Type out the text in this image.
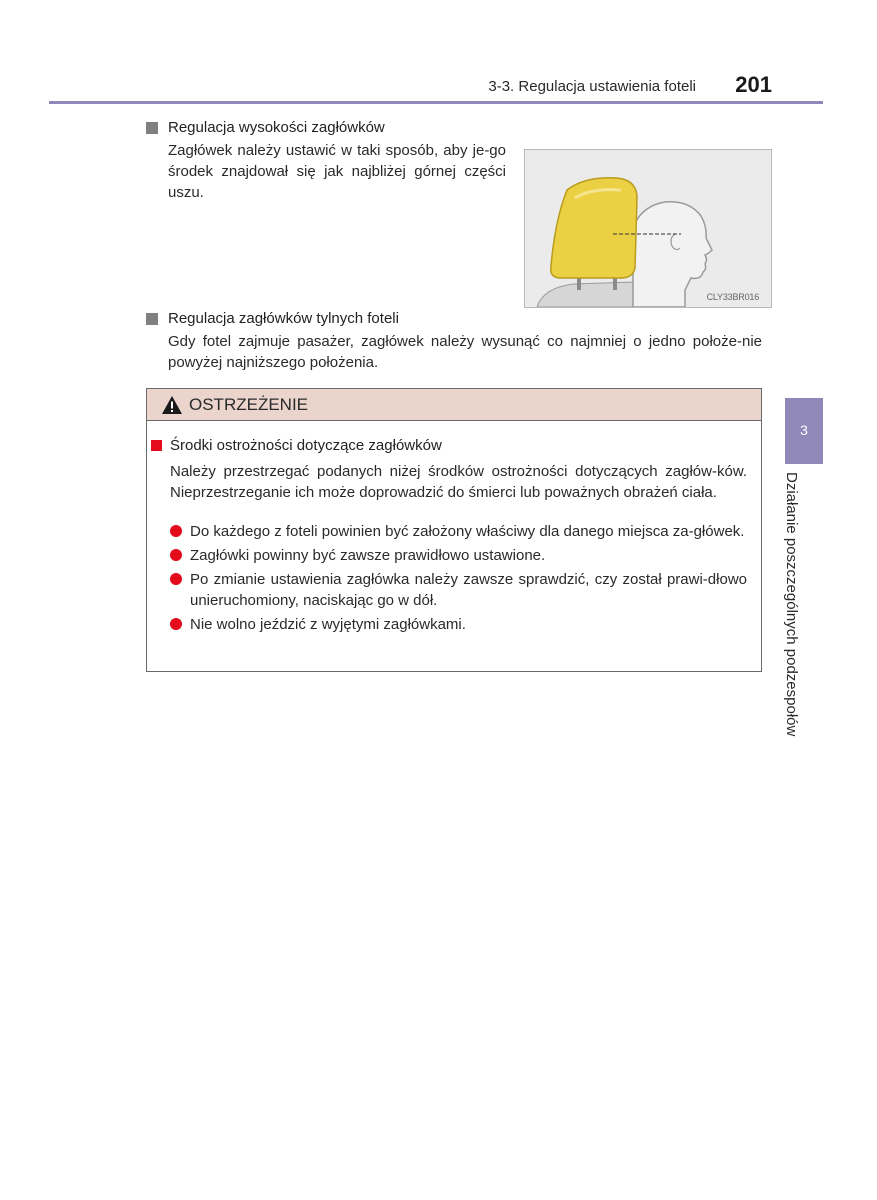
3-3. Regulacja ustawienia foteli	201
Regulacja wysokości zagłówków
Zagłówek należy ustawić w taki sposób, aby je-go środek znajdował się jak najbliżej górnej części uszu.
CLY33BR016
Regulacja zagłówków tylnych foteli
Gdy fotel zajmuje pasażer, zagłówek należy wysunąć co najmniej o jedno położe-nie powyżej najniższego położenia.
OSTRZEŻENIE
Środki ostrożności dotyczące zagłówków
Należy przestrzegać podanych niżej środków ostrożności dotyczących zagłów-ków. Nieprzestrzeganie ich może doprowadzić do śmierci lub poważnych obrażeń ciała.
Do każdego z foteli powinien być założony właściwy dla danego miejsca za-główek.
Zagłówki powinny być zawsze prawidłowo ustawione.
Po zmianie ustawienia zagłówka należy zawsze sprawdzić, czy został prawi-dłowo unieruchomiony, naciskając go w dół.
Nie wolno jeździć z wyjętymi zagłówkami.
3
Działanie poszczególnych podzespołów
